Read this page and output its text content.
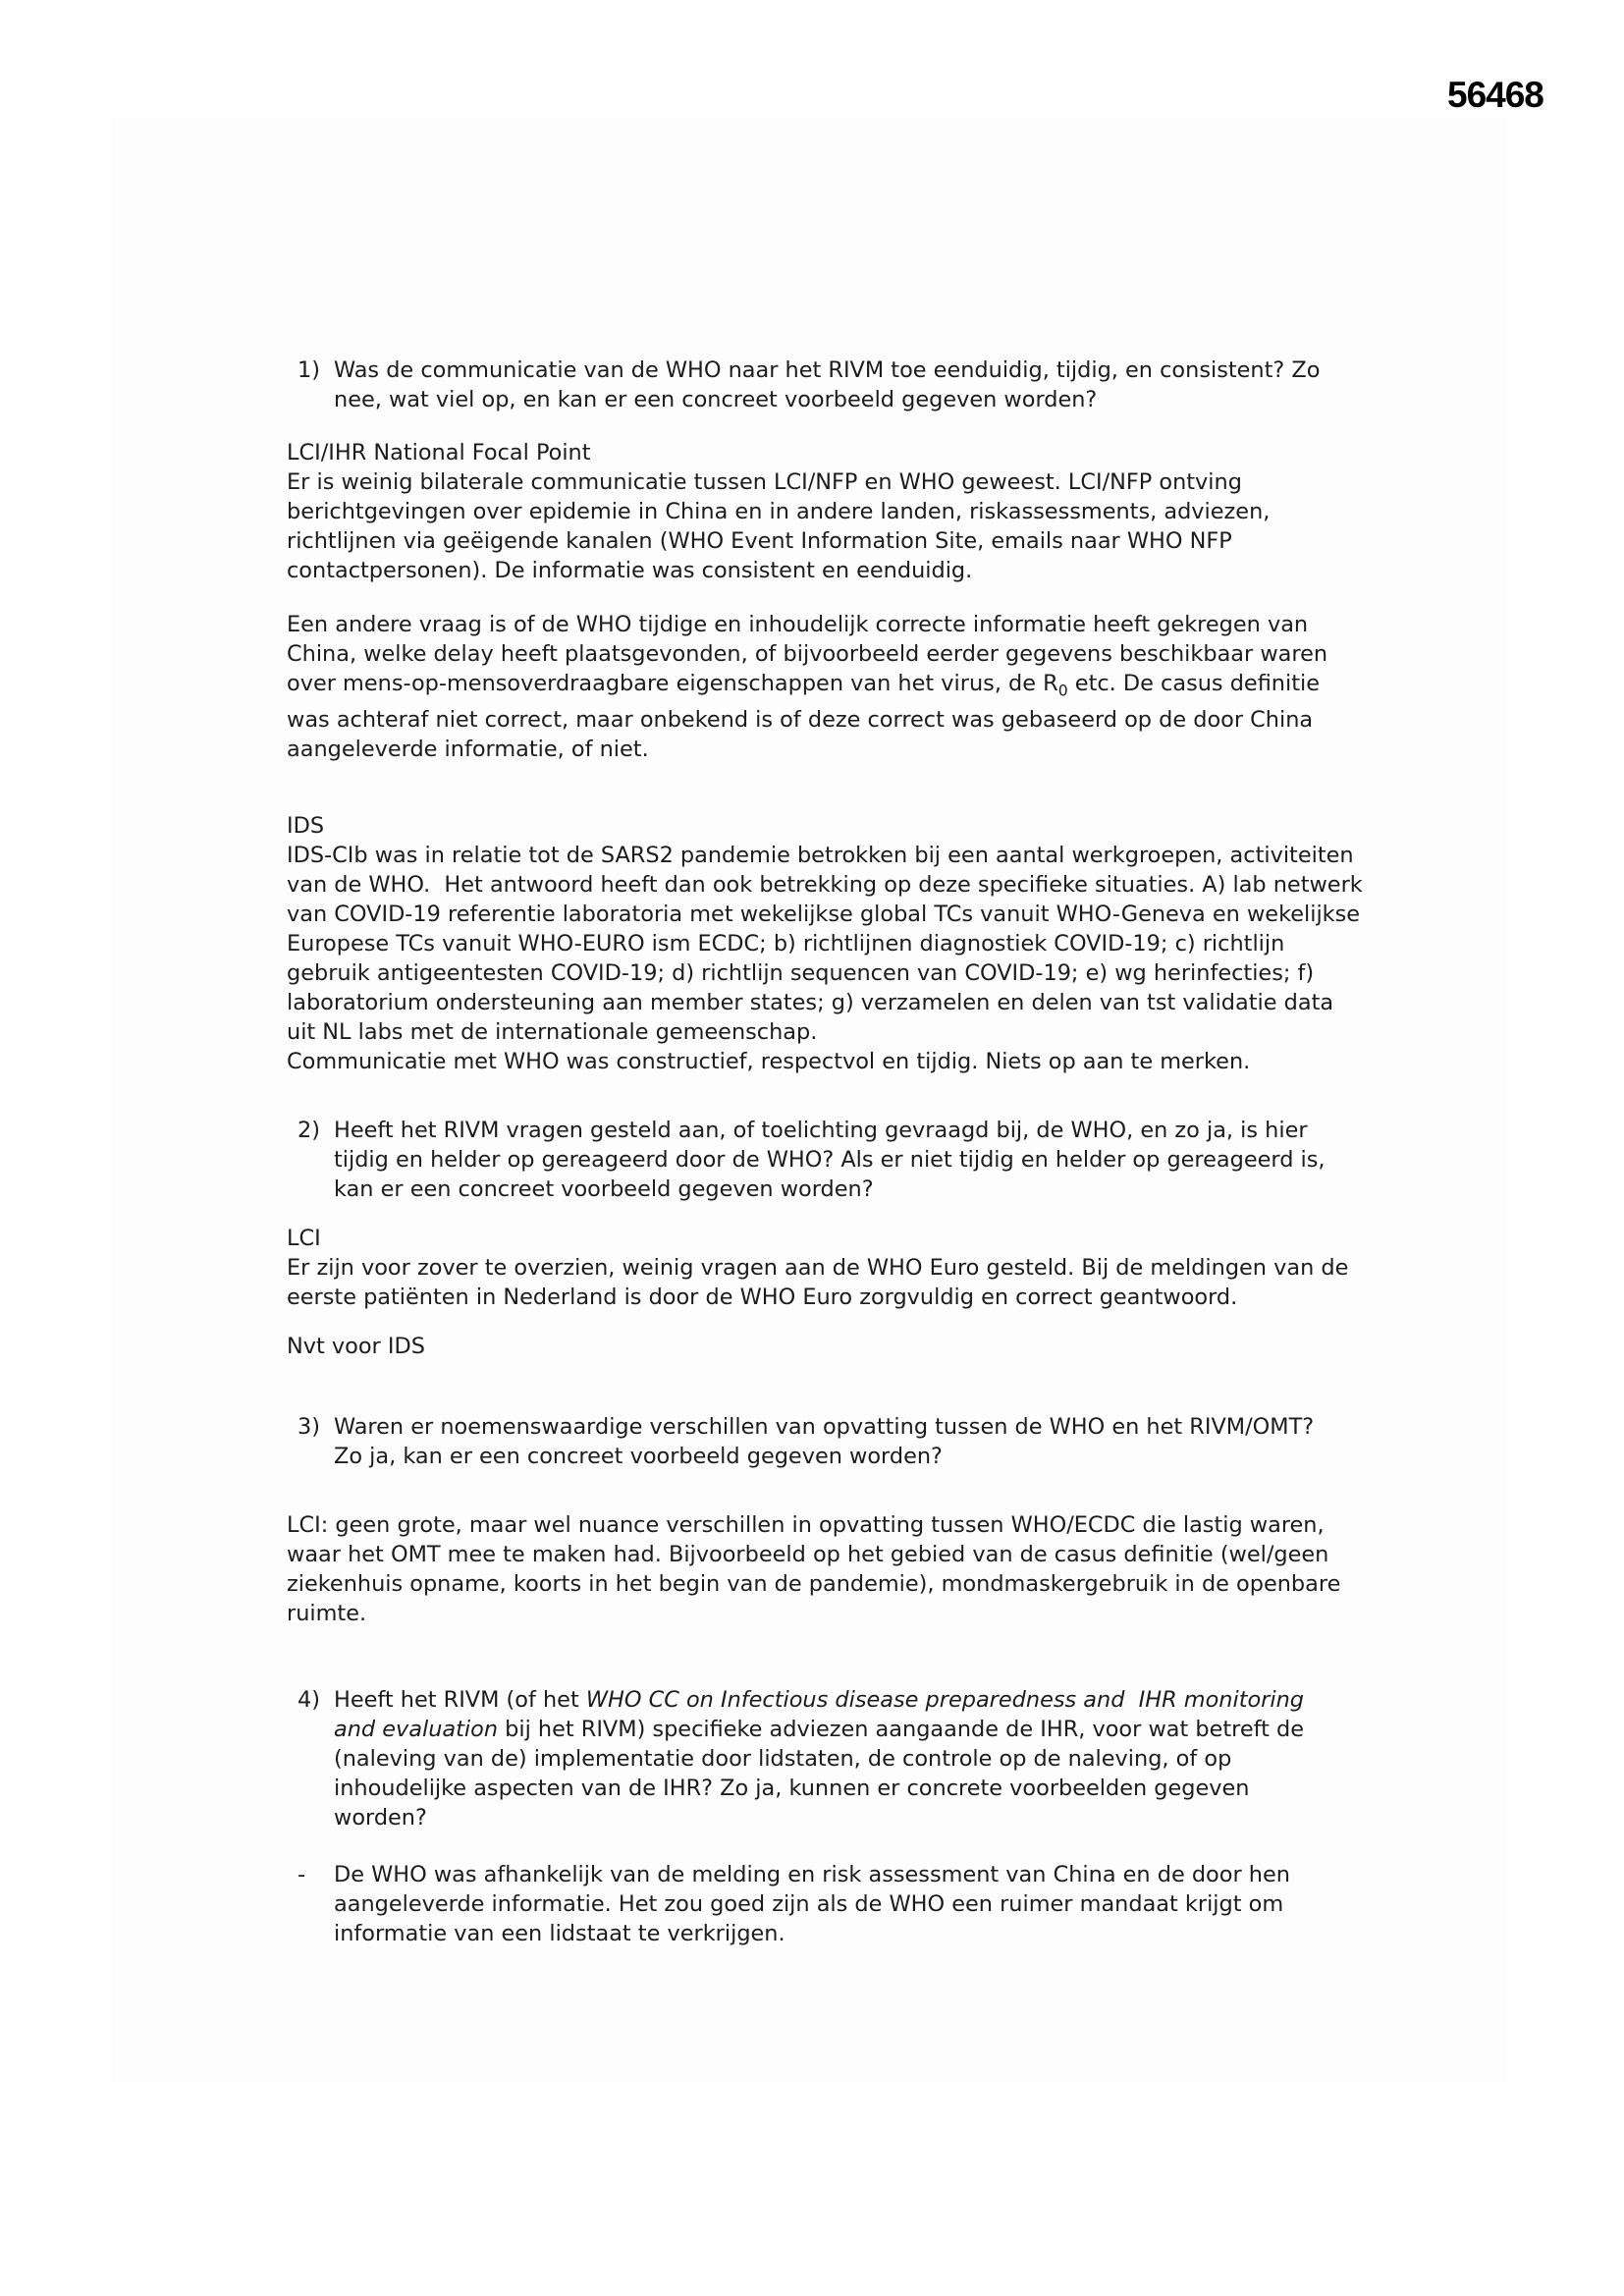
56468
1) Was de communicatie van de WHO naar het RIVM toe eenduidig, tijdig, en consistent? Zo nee, wat viel op, en kan er een concreet voorbeeld gegeven worden?

LCI/IHR National Focal Point

Er is weinig bilaterale communicatie tussen LCI/NFP en WHO geweest. LCI/NFP ontving berichtgevingen over epidemie in China en in andere landen, riskassessments, adviezen, richtlijnen via geëigende kanalen (WHO Event Information Site, emails naar WHO NFP contactpersonen). De informatie was consistent en eenduidig.

Een andere vraag is of de WHO tijdige en inhoudelijk correcte informatie heeft gekregen van China, welke delay heeft plaatsgevonden, of bijvoorbeeld eerder gegevens beschikbaar waren over mens-op-mensoverdraagbare eigenschappen van het virus, de $R_0$ etc. De casus definitie was achteraf niet correct, maar onbekend is of deze correct was gebaseerd op de door China aangeleverde informatie, of niet.

IDS

IDS-CIb was in relatie tot de SARS2 pandemie betrokken bij een aantal werkgroepen, activiteiten van de WHO.  Het antwoord heeft dan ook betrekking op deze specifieke situaties. A) lab netwerk van COVID-19 referentie laboratoria met wekelijkse global TCs vanuit WHO-Geneva en wekelijkse Europese TCs vanuit WHO-EURO ism ECDC; b) richtlijnen diagnostiek COVID-19; c) richtlijn gebruik antigeentesten COVID-19; d) richtlijn sequencen van COVID-19; e) wg herinfecties; f) laboratorium ondersteuning aan member states; g) verzamelen en delen van tst validatie data uit NL labs met de internationale gemeenschap.

Communicatie met WHO was constructief, respectvol en tijdig. Niets op aan te merken.

2) Heeft het RIVM vragen gesteld aan, of toelichting gevraagd bij, de WHO, en zo ja, is hier tijdig en helder op gereageerd door de WHO? Als er niet tijdig en helder op gereageerd is, kan er een concreet voorbeeld gegeven worden?

LCI

Er zijn voor zover te overzien, weinig vragen aan de WHO Euro gesteld. Bij de meldingen van de eerste patiënten in Nederland is door de WHO Euro zorgvuldig en correct geantwoord.

Nvt voor IDS

3) Waren er noemenswaardige verschillen van opvatting tussen de WHO en het RIVM/OMT? Zo ja, kan er een concreet voorbeeld gegeven worden?

LCI: geen grote, maar wel nuance verschillen in opvatting tussen WHO/ECDC die lastig waren, waar het OMT mee te maken had. Bijvoorbeeld op het gebied van de casus definitie (wel/geen ziekenhuis opname, koorts in het begin van de pandemie), mondmaskergebruik in de openbare ruimte.

4) Heeft het RIVM (of het WHO CC on Infectious disease preparedness and  IHR monitoring and evaluation bij het RIVM) specifieke adviezen aangaande de IHR, voor wat betreft de (naleving van de) implementatie door lidstaten, de controle op de naleving, of op inhoudelijke aspecten van de IHR? Zo ja, kunnen er concrete voorbeelden gegeven worden?
-	De WHO was afhankelijk van de melding en risk assessment van China en de door hen aangeleverde informatie. Het zou goed zijn als de WHO een ruimer mandaat krijgt om informatie van een lidstaat te verkrijgen.
